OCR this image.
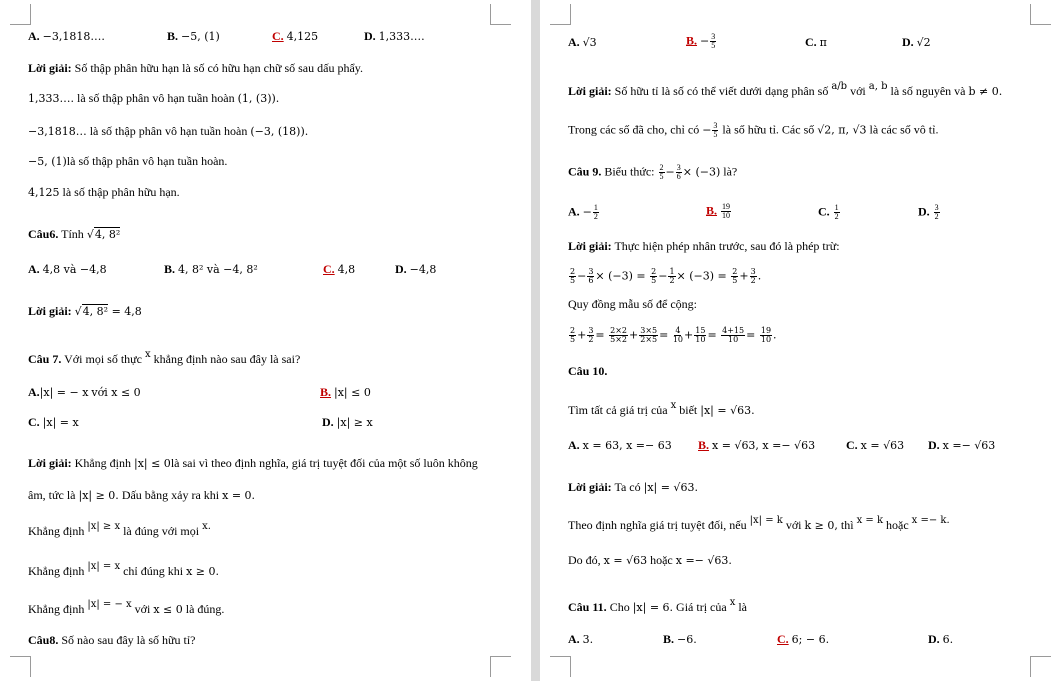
A. −3,1818….	B. −5, (1)	C. 4,125	D. 1,333….
Lời giải: Số thập phân hữu hạn là số có hữu hạn chữ số sau dấu phẩy.
1,333…. là số thập phân vô hạn tuần hoàn (1, (3)).
−3,1818… là số thập phân vô hạn tuần hoàn (−3, (18)).
−5, (1)là số thập phân vô hạn tuần hoàn.
4,125 là số thập phân hữu hạn.
Câu6. Tính √4, 8²
A. 4,8 và −4,8	B. 4, 8² và −4, 8²	C. 4,8	D. −4,8
Lời giải: √4, 8² = 4,8
Câu 7. Với mọi số thực $^x$ khẳng định nào sau đây là sai?
A.|x| = − x với x ≤ 0	B. |x| ≤ 0
C. |x| = x	D. |x| ≥ x
Lời giải: Khẳng định |x| ≤ 0là sai vì theo định nghĩa, giá trị tuyệt đối của một số luôn không
âm, tức là |x| ≥ 0. Dấu bằng xảy ra khi x = 0.
Khẳng định $^{|x| \ge x}$ là đúng với mọi $^{x.}$
Khẳng định $^{|x| = x}$ chỉ đúng khi x ≥ 0.
Khẳng định $^{|x| = - x}$ với x ≤ 0 là đúng.
Câu8. Số nào sau đây là số hữu tỉ?
A. √3	B. − $\frac{3}{5}$	C. π	D. √2
Lời giải: Số hữu tỉ là số có thể viết dưới dạng phân số $^{a/b}$ với $^{a, b}$ là số nguyên và b ≠ 0.
Trong các số đã cho, chỉ có − $\frac{3}{5}$ là số hữu tỉ. Các số √2, π, √3 là các số vô tỉ.
Câu 9. Biểu thức: $\frac{2}{5} - \frac{3}{6} \times (-3)$ là?
A. − $\frac{1}{2}$	B. $\frac{19}{10}$	C. $\frac{1}{2}$	D. $\frac{3}{2}$
Lời giải: Thực hiện phép nhân trước, sau đó là phép trừ:
$\frac{2}{5} - \frac{3}{6} \times (-3) = \frac{2}{5} - \frac{1}{2} \times (-3) = \frac{2}{5} + \frac{3}{2}$ .
Quy đồng mẫu số để cộng:
$\frac{2}{5} + \frac{3}{2} = \frac{2\times 2}{5\times 2} + \frac{3\times 5}{2\times 5} = \frac{4}{10} + \frac{15}{10} = \frac{4+15}{10} = \frac{19}{10}$ .
Câu 10.
Tìm tất cả giá trị của $^x$ biết |x| = √63.
A. x = 63, x =− 63 B. x = √63, x =− √63	C. x = √63 D. x =− √63
Lời giải: Ta có |x| = √63.
Theo định nghĩa giá trị tuyệt đối, nếu $^{|x| = k}$ với k ≥ 0, thì $^{x = k}$ hoặc $^{x =- k.}$
Do đó, x = √63 hoặc x =− √63.
Câu 11. Cho |x| = 6. Giá trị của $^x$ là
A. 3.	B. −6.	C. 6; − 6.	D. 6.
